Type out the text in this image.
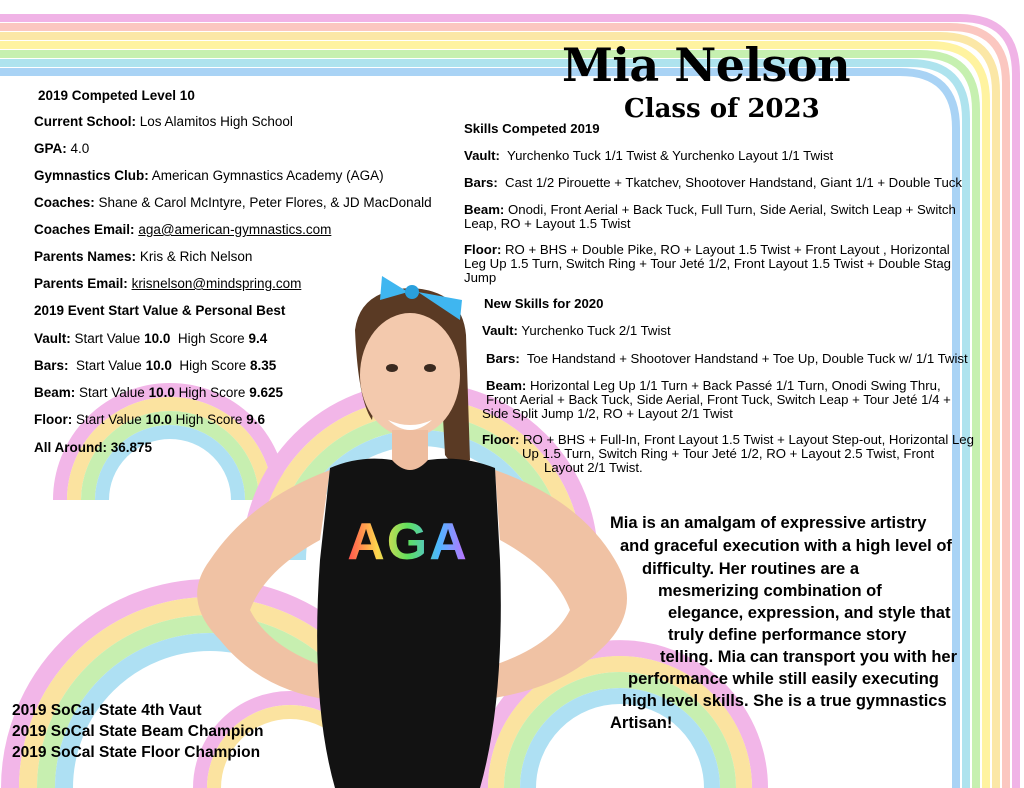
AGA
Mia Nelson
Class of 2023
2019 Competed Level 10
Current School: Los Alamitos High School
GPA: 4.0
Gymnastics Club: American Gymnastics Academy (AGA)
Coaches: Shane & Carol McIntyre, Peter Flores, & JD MacDonald
Coaches Email: aga@american-gymnastics.com
Parents Names: Kris & Rich Nelson
Parents Email: krisnelson@mindspring.com
2019 Event Start Value & Personal Best
Vault: Start Value 10.0 High Score 9.4
Bars: Start Value 10.0 High Score 8.35
Beam: Start Value 10.0 High Score 9.625
Floor: Start Value 10.0 High Score 9.6
All Around: 36.875
Skills Competed 2019
Vault: Yurchenko Tuck 1/1 Twist & Yurchenko Layout 1/1 Twist
Bars: Cast 1/2 Pirouette + Tkatchev, Shootover Handstand, Giant 1/1 + Double Tuck
Beam: Onodi, Front Aerial + Back Tuck, Full Turn, Side Aerial, Switch Leap + Switch
Leap, RO + Layout 1.5 Twist
Floor: RO + BHS + Double Pike, RO + Layout 1.5 Twist + Front Layout , Horizontal
Leg Up 1.5 Turn, Switch Ring + Tour Jeté 1/2, Front Layout 1.5 Twist + Double Stag
Jump
New Skills for 2020
Vault: Yurchenko Tuck 2/1 Twist
Bars: Toe Handstand + Shootover Handstand + Toe Up, Double Tuck w/ 1/1 Twist
Beam: Horizontal Leg Up 1/1 Turn + Back Passé 1/1 Turn, Onodi Swing Thru,
Front Aerial + Back Tuck, Side Aerial, Front Tuck, Switch Leap + Tour Jeté 1/4 +
Side Split Jump 1/2, RO + Layout 2/1 Twist
Floor: RO + BHS + Full-In, Front Layout 1.5 Twist + Layout Step-out, Horizontal Leg
Up 1.5 Turn, Switch Ring + Tour Jeté 1/2, RO + Layout 2.5 Twist, Front
Layout 2/1 Twist.
Mia is an amalgam of expressive artistry
and graceful execution with a high level of
difficulty. Her routines are a
mesmerizing combination of
elegance, expression, and style that
truly define performance story
telling. Mia can transport you with her
performance while still easily executing
high level skills. She is a true gymnastics
Artisan!
2019 SoCal State 4th Vaut
2019 SoCal State Beam Champion
2019 SoCal State Floor Champion
